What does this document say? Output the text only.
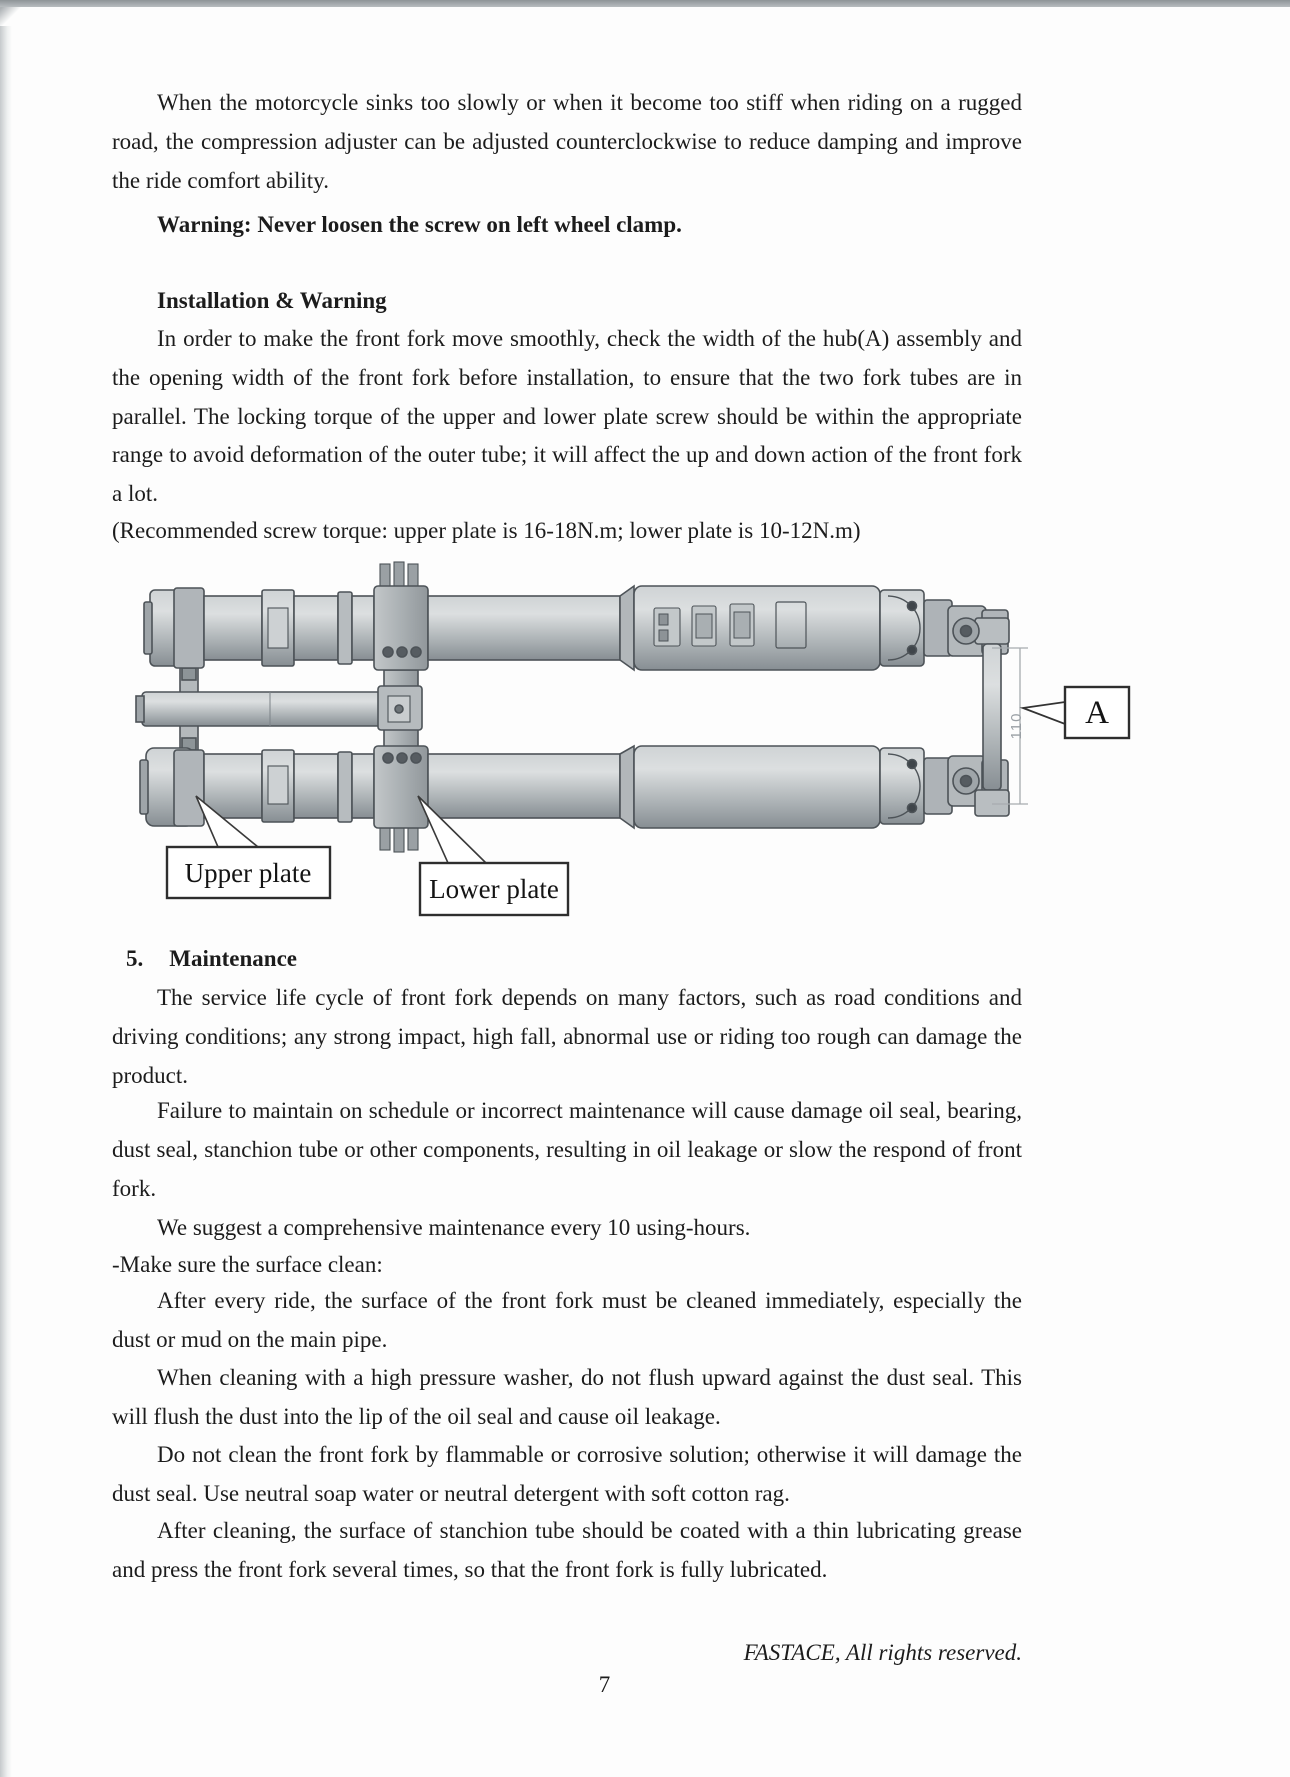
When the motorcycle sinks too slowly or when it become too stiff when riding on a rugged road, the compression adjuster can be adjusted counterclockwise to reduce damping and improve the ride comfort ability.

Warning: Never loosen the screw on left wheel clamp.

Installation & Warning

In order to make the front fork move smoothly, check the width of the hub(A) assembly and the opening width of the front fork before installation, to ensure that the two fork tubes are in parallel. The locking torque of the upper and lower plate screw should be within the appropriate range to avoid deformation of the outer tube; it will affect the up and down action of the front fork a lot.

(Recommended screw torque: upper plate is 16-18N.m; lower plate is 10-12N.m)

110 A
Upper plate
Lower plate

5. Maintenance

The service life cycle of front fork depends on many factors, such as road conditions and driving conditions; any strong impact, high fall, abnormal use or riding too rough can damage the product.

Failure to maintain on schedule or incorrect maintenance will cause damage oil seal, bearing, dust seal, stanchion tube or other components, resulting in oil leakage or slow the respond of front fork.

We suggest a comprehensive maintenance every 10 using-hours.

-Make sure the surface clean:

After every ride, the surface of the front fork must be cleaned immediately, especially the dust or mud on the main pipe.

When cleaning with a high pressure washer, do not flush upward against the dust seal. This will flush the dust into the lip of the oil seal and cause oil leakage.

Do not clean the front fork by flammable or corrosive solution; otherwise it will damage the dust seal. Use neutral soap water or neutral detergent with soft cotton rag.

After cleaning, the surface of stanchion tube should be coated with a thin lubricating grease and press the front fork several times, so that the front fork is fully lubricated.

FASTACE, All rights reserved.

7
